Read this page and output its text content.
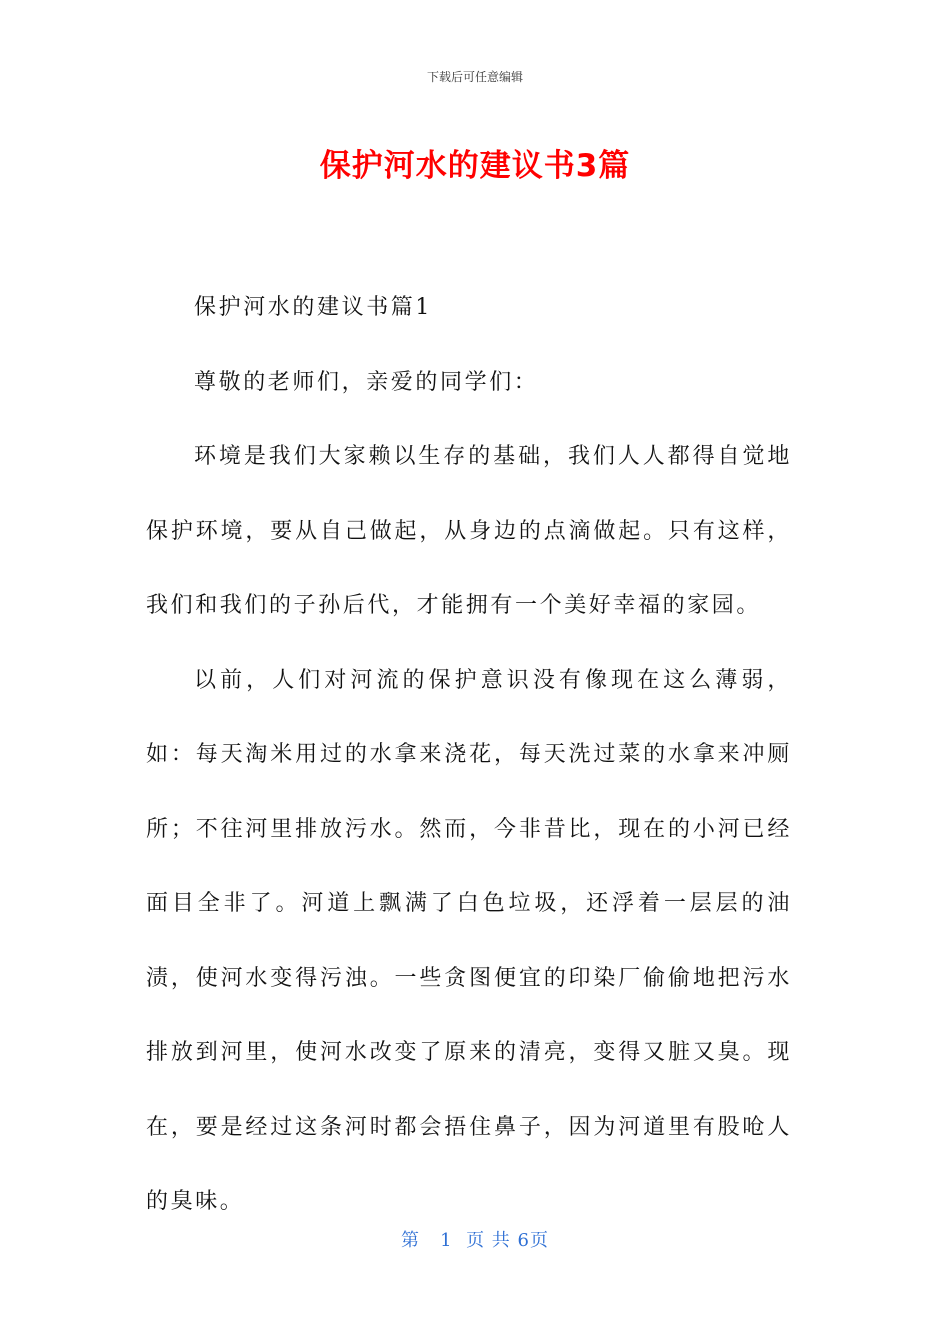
下载后可任意编辑
保护河水的建议书3篇

保护河水的建议书篇1

尊敬的老师们，亲爱的同学们：

环境是我们大家赖以生存的基础，我们人人都得自觉地保护环境，要从自己做起，从身边的点滴做起。只有这样，我们和我们的子孙后代，才能拥有一个美好幸福的家园。

以前，人们对河流的保护意识没有像现在这么薄弱，如：每天淘米用过的水拿来浇花，每天洗过菜的水拿来冲厕所；不往河里排放污水。然而，今非昔比，现在的小河已经面目全非了。河道上飘满了白色垃圾，还浮着一层层的油渍，使河水变得污浊。一些贪图便宜的印染厂偷偷地把污水排放到河里，使河水改变了原来的清亮，变得又脏又臭。现在，要是经过这条河时都会捂住鼻子，因为河道里有股呛人的臭味。

第 1 页 共 6页
